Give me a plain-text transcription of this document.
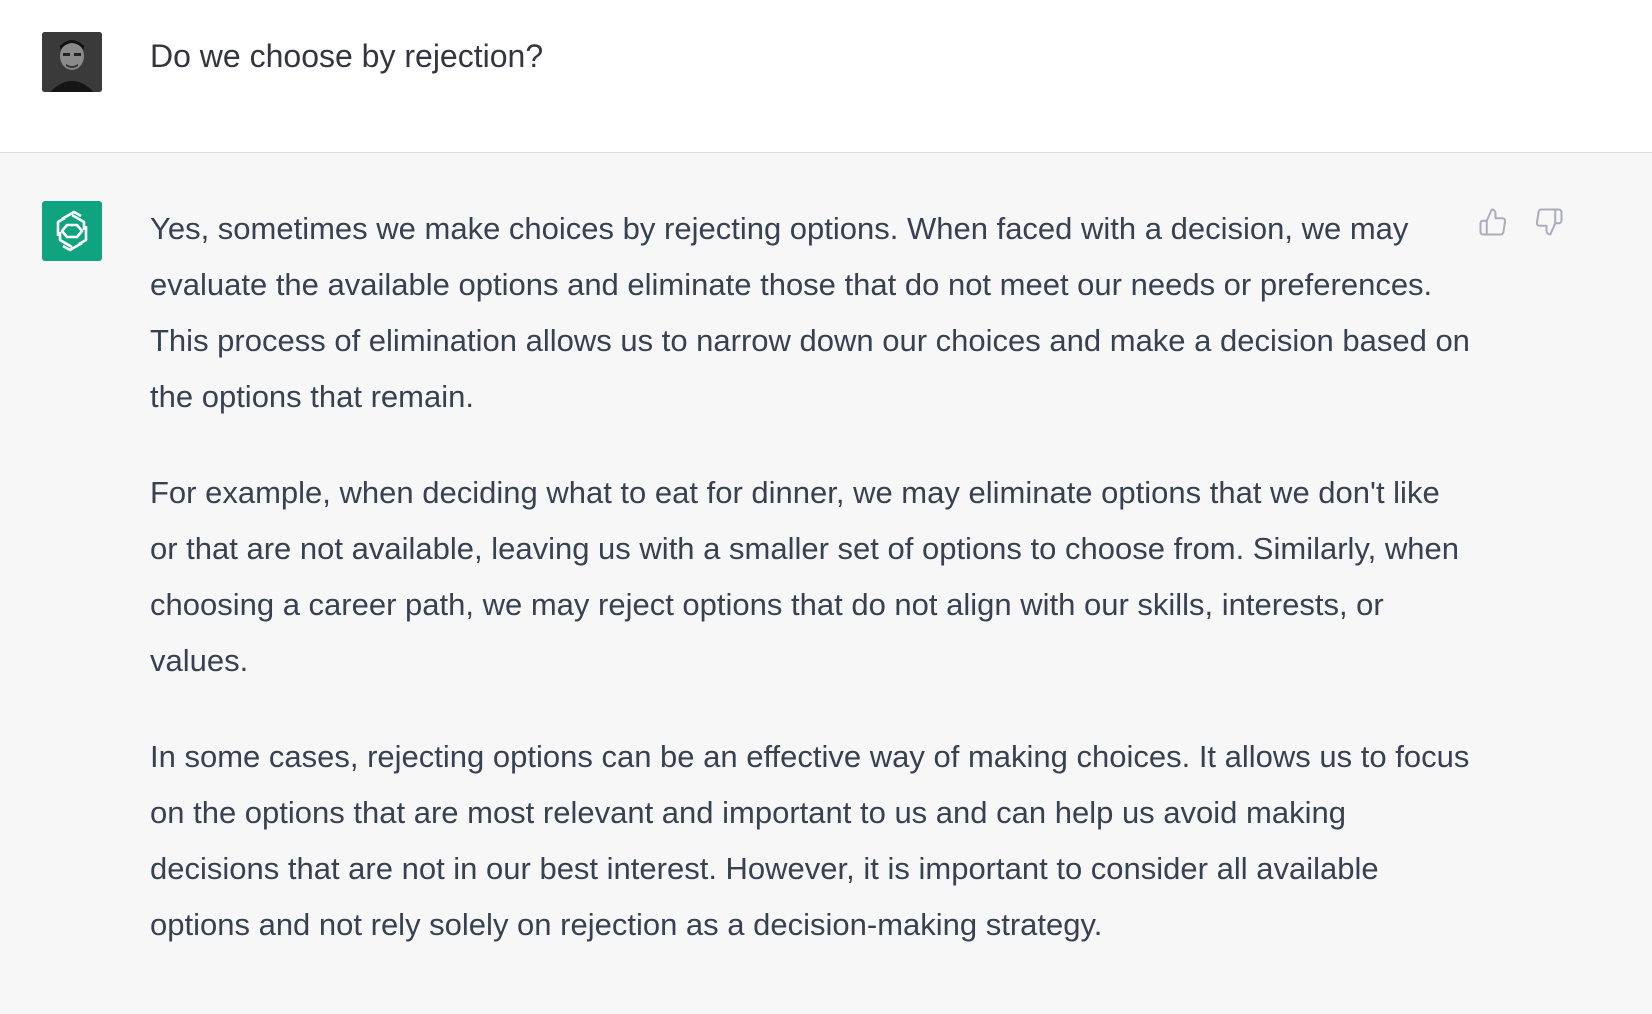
Do we choose by rejection?

Yes, sometimes we make choices by rejecting options. When faced with a decision, we may evaluate the available options and eliminate those that do not meet our needs or preferences. This process of elimination allows us to narrow down our choices and make a decision based on the options that remain.

For example, when deciding what to eat for dinner, we may eliminate options that we don't like or that are not available, leaving us with a smaller set of options to choose from. Similarly, when choosing a career path, we may reject options that do not align with our skills, interests, or values.

In some cases, rejecting options can be an effective way of making choices. It allows us to focus on the options that are most relevant and important to us and can help us avoid making decisions that are not in our best interest. However, it is important to consider all available options and not rely solely on rejection as a decision-making strategy.
